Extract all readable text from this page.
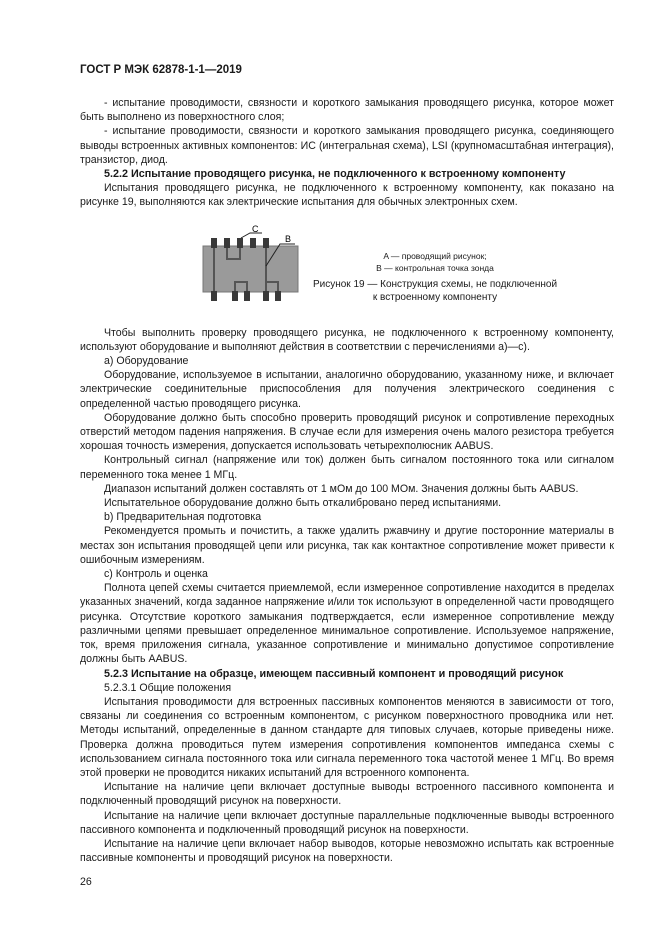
ГОСТ Р МЭК 62878-1-1—2019

- испытание проводимости, связности и короткого замыкания проводящего рисунка, которое может быть выполнено из поверхностного слоя;

- испытание проводимости, связности и короткого замыкания проводящего рисунка, соединяющего выводы встроенных активных компонентов: ИС (интегральная схема), LSI (крупномасштабная интеграция), транзистор, диод.

5.2.2 Испытание проводящего рисунка, не подключенного к встроенному компоненту

Испытания проводящего рисунка, не подключенного к встроенному компоненту, как показано на рисунке 19, выполняются как электрические испытания для обычных электронных схем.

C
B
A — проводящий рисунок;
B — контрольная точка зонда
Рисунок 19 — Конструкция схемы, не подключенной к встроенному компоненту

Чтобы выполнить проверку проводящего рисунка, не подключенного к встроенному компоненту, используют оборудование и выполняют действия в соответствии с перечислениями а)—с).

а) Оборудование

Оборудование, используемое в испытании, аналогично оборудованию, указанному ниже, и включает электрические соединительные приспособления для получения электрического соединения с определенной частью проводящего рисунка.

Оборудование должно быть способно проверить проводящий рисунок и сопротивление переходных отверстий методом падения напряжения. В случае если для измерения очень малого резистора требуется хорошая точность измерения, допускается использовать четырехполюсник AABUS.

Контрольный сигнал (напряжение или ток) должен быть сигналом постоянного тока или сигналом переменного тока менее 1 МГц.

Диапазон испытаний должен составлять от 1 мОм до 100 МОм. Значения должны быть AABUS.

Испытательное оборудование должно быть откалибровано перед испытаниями.

b) Предварительная подготовка

Рекомендуется промыть и почистить, а также удалить ржавчину и другие посторонние материалы в местах зон испытания проводящей цепи или рисунка, так как контактное сопротивление может привести к ошибочным измерениям.

с) Контроль и оценка

Полнота цепей схемы считается приемлемой, если измеренное сопротивление находится в пределах указанных значений, когда заданное напряжение и/или ток используют в определенной части проводящего рисунка. Отсутствие короткого замыкания подтверждается, если измеренное сопротивление между различными цепями превышает определенное минимальное сопротивление. Используемое напряжение, ток, время приложения сигнала, указанное сопротивление и минимально допустимое сопротивление должны быть AABUS.

5.2.3 Испытание на образце, имеющем пассивный компонент и проводящий рисунок

5.2.3.1 Общие положения

Испытания проводимости для встроенных пассивных компонентов меняются в зависимости от того, связаны ли соединения со встроенным компонентом, с рисунком поверхностного проводника или нет. Методы испытаний, определенные в данном стандарте для типовых случаев, которые приведены ниже. Проверка должна проводиться путем измерения сопротивления компонентов импеданса схемы с использованием сигнала постоянного тока или сигнала переменного тока частотой менее 1 МГц. Во время этой проверки не проводится никаких испытаний для встроенного компонента.

Испытание на наличие цепи включает доступные выводы встроенного пассивного компонента и подключенный проводящий рисунок на поверхности.

Испытание на наличие цепи включает доступные параллельные подключенные выводы встроенного пассивного компонента и подключенный проводящий рисунок на поверхности.

Испытание на наличие цепи включает набор выводов, которые невозможно испытать как встроенные пассивные компоненты и проводящий рисунок на поверхности.

26
